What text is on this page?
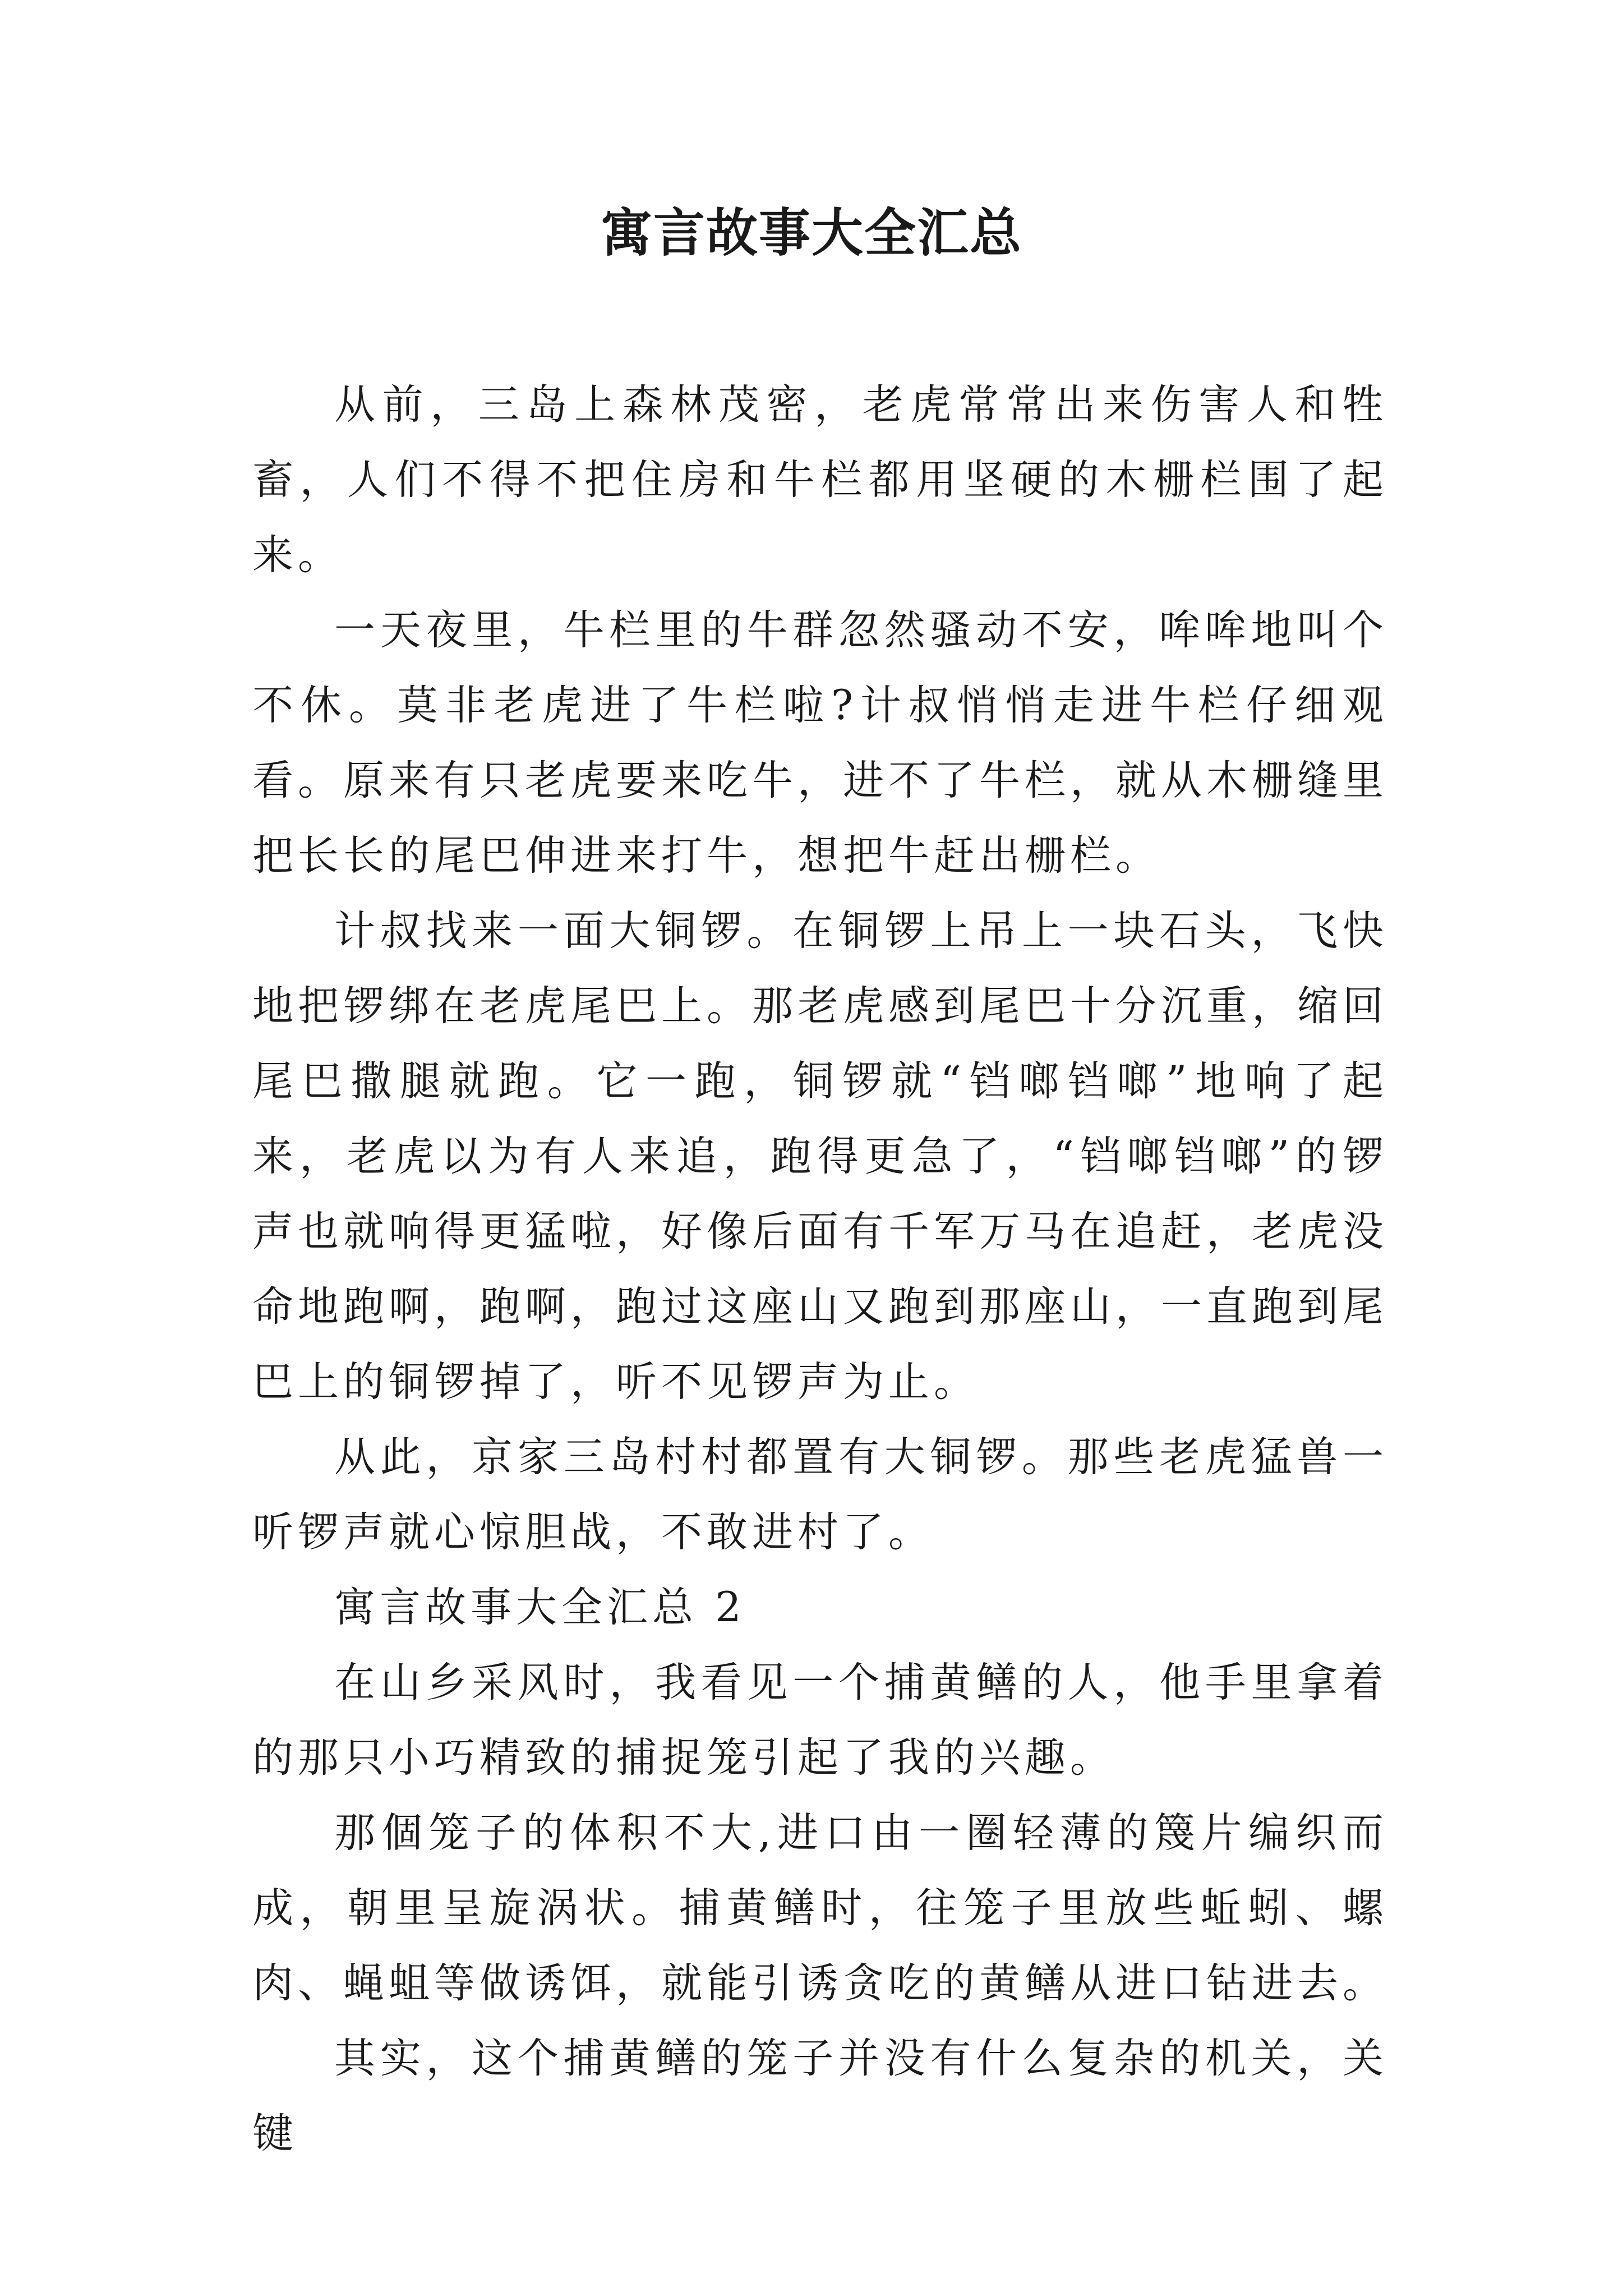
寓言故事大全汇总

从前，三岛上森林茂密，老虎常常出来伤害人和牲畜，人们不得不把住房和牛栏都用坚硬的木栅栏围了起来。

一天夜里，牛栏里的牛群忽然骚动不安，哞哞地叫个不休。莫非老虎进了牛栏啦?计叔悄悄走进牛栏仔细观看。原来有只老虎要来吃牛，进不了牛栏，就从木栅缝里把长长的尾巴伸进来打牛，想把牛赶出栅栏。

计叔找来一面大铜锣。在铜锣上吊上一块石头，飞快地把锣绑在老虎尾巴上。那老虎感到尾巴十分沉重，缩回尾巴撒腿就跑。它一跑，铜锣就“铛啷铛啷”地响了起来，老虎以为有人来追，跑得更急了，“铛啷铛啷”的锣声也就响得更猛啦，好像后面有千军万马在追赶，老虎没命地跑啊，跑啊，跑过这座山又跑到那座山，一直跑到尾巴上的铜锣掉了，听不见锣声为止。

从此，京家三岛村村都置有大铜锣。那些老虎猛兽一听锣声就心惊胆战，不敢进村了。

寓言故事大全汇总 2

在山乡采风时，我看见一个捕黄鳝的人，他手里拿着的那只小巧精致的捕捉笼引起了我的兴趣。

那個笼子的体积不大,进口由一圈轻薄的篾片编织而成，朝里呈旋涡状。捕黄鳝时，往笼子里放些蚯蚓、螺肉、蝇蛆等做诱饵，就能引诱贪吃的黄鳝从进口钻进去。

其实，这个捕黄鳝的笼子并没有什么复杂的机关，关键
